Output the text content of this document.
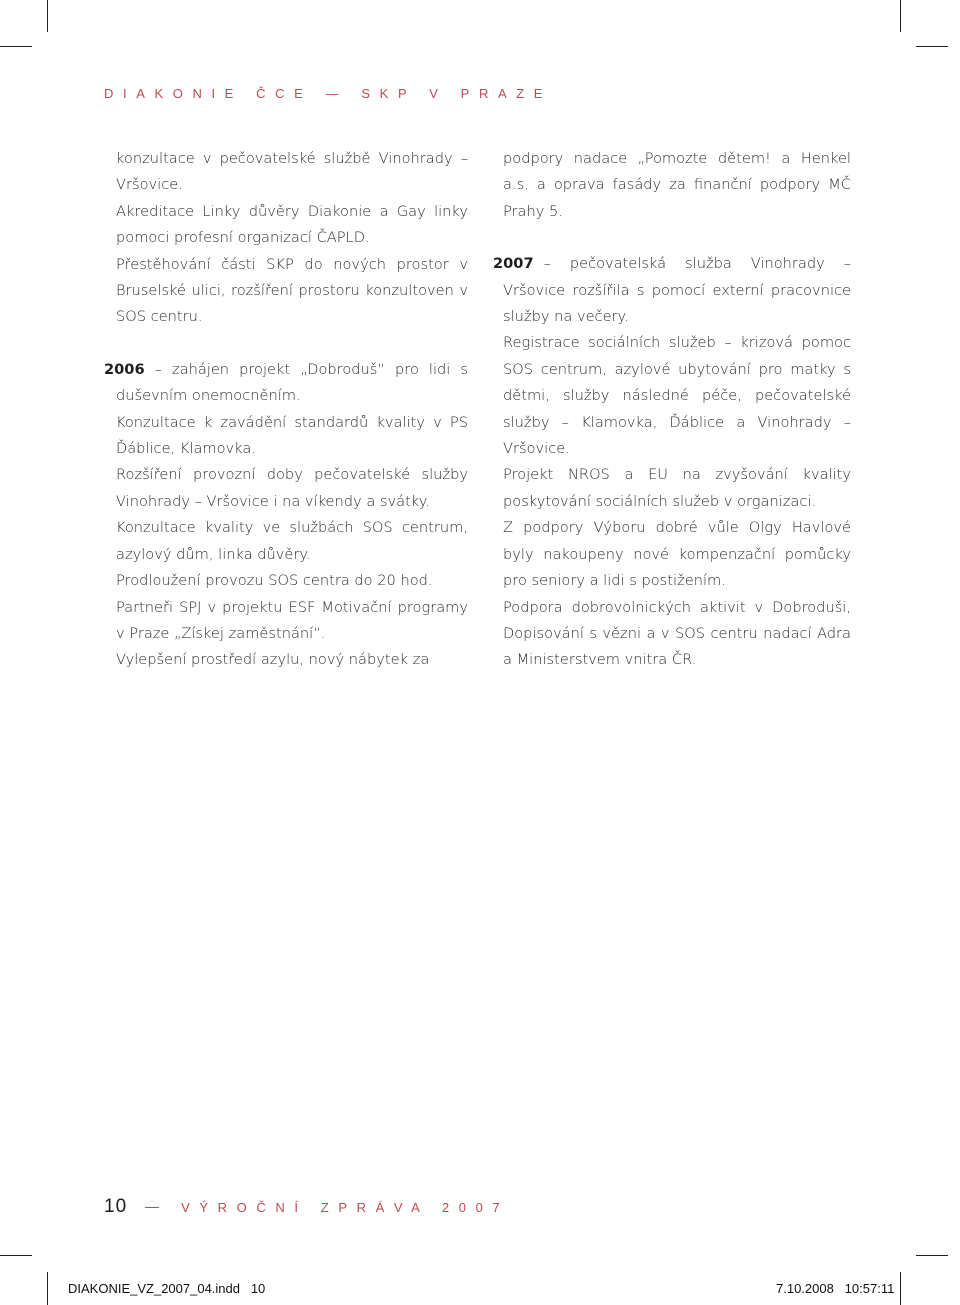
DIAKONIE ČCE — SKP V PRAZE

konzultace v pečovatelské službě Vinohrady – Vršovice.

Akreditace Linky důvěry Diakonie a Gay linky pomoci profesní organizací ČAPLD.

Přestěhování části SKP do nových prostor v Bruselské ulici, rozšíření prostoru konzultoven v SOS centru.

2006 – zahájen projekt „Dobroduš“ pro lidi s duševním onemocněním.

Konzultace k zavádění standardů kvality v PS Ďáblice, Klamovka.

Rozšíření provozní doby pečovatelské služby Vinohrady – Vršovice i na víkendy a svátky.

Konzultace kvality ve službách SOS centrum, azylový dům, linka důvěry.

Prodloužení provozu SOS centra do 20 hod.

Partneři SPJ v projektu ESF Motivační programy v Praze „Získej zaměstnání“.

Vylepšení prostředí azylu, nový nábytek za

podpory nadace „Pomozte dětem! a Henkel a.s. a oprava fasády za finanční podpory MČ Prahy 5.

2007 – pečovatelská služba Vinohrady – Vršovice rozšířila s pomocí externí pracovnice služby na večery.

Registrace sociálních služeb – krizová pomoc SOS centrum, azylové ubytování pro matky s dětmi, služby následné péče, pečovatelské služby – Klamovka, Ďáblice a Vinohrady –Vršovice.

Projekt NROS a EU na zvyšování kvality poskytování sociálních služeb v organizaci.

Z podpory Výboru dobré vůle Olgy Havlové byly nakoupeny nové kompenzační pomůcky pro seniory a lidi s postižením.

Podpora dobrovolnických aktivit v Dobroduši, Dopisování s vězni a v SOS centru nadací Adra a Ministerstvem vnitra ČR.

10	VÝROČNÍ ZPRÁVA 2007
DIAKONIE_VZ_2007_04.indd   10	7.10.2008   10:57:11
